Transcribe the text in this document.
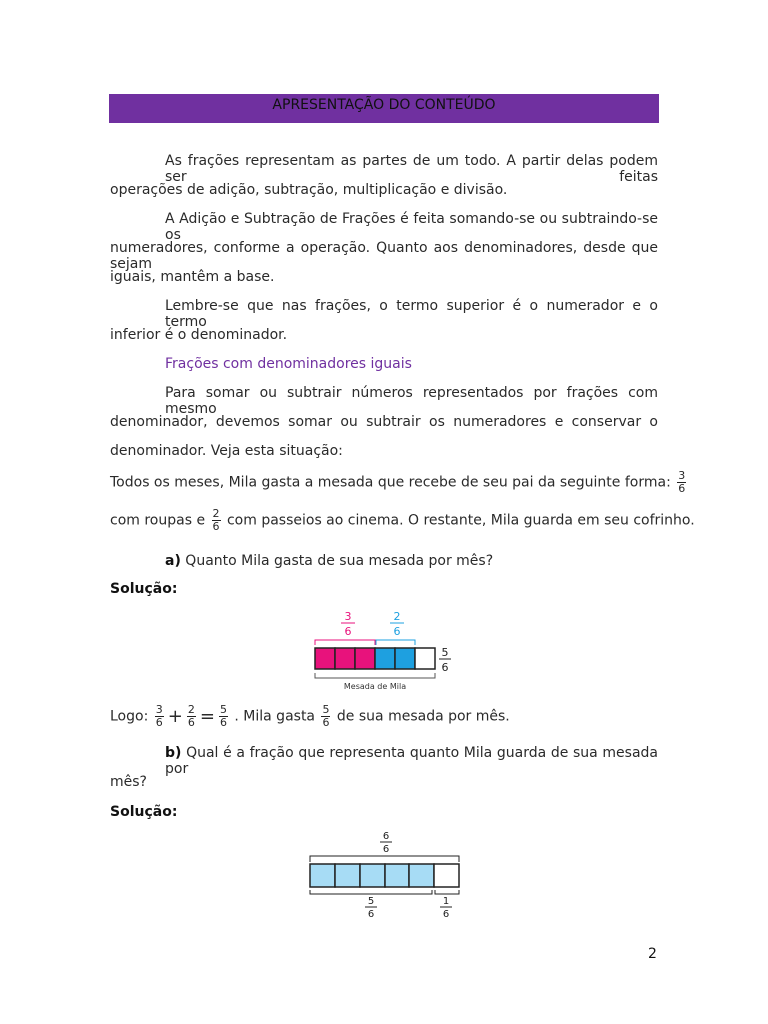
APRESENTAÇÃO DO CONTEÚDO
As frações representam as partes de um todo. A partir delas podem ser feitas
operações de adição, subtração, multiplicação e divisão.
A Adição e Subtração de Frações é feita somando-se ou subtraindo-se os
numeradores, conforme a operação. Quanto aos denominadores, desde que sejam
iguais, mantêm a base.
Lembre-se que nas frações, o termo superior é o numerador e o termo
inferior é o denominador.
Frações com denominadores iguais
Para somar ou subtrair números representados por frações com mesmo
denominador, devemos somar ou subtrair os numeradores e conservar o
denominador. Veja esta situação:
Todos os meses, Mila gasta a mesada que recebe de seu pai da seguinte forma: $\frac{3}{6}$
com roupas e $\frac{2}{6}$ com passeios ao cinema. O restante, Mila guarda em seu cofrinho.
a) Quanto Mila gasta de sua mesada por mês?
Solução:
3
6
2
6
5
6
Mesada de Mila
Logo: $\frac{3}{6} + \frac{2}{6} = \frac{5}{6}$ . Mila gasta $\frac{5}{6}$ de sua mesada por mês.
b) Qual é a fração que representa quanto Mila guarda de sua mesada por
mês?
Solução:
6
6
5
6
1
6
2
